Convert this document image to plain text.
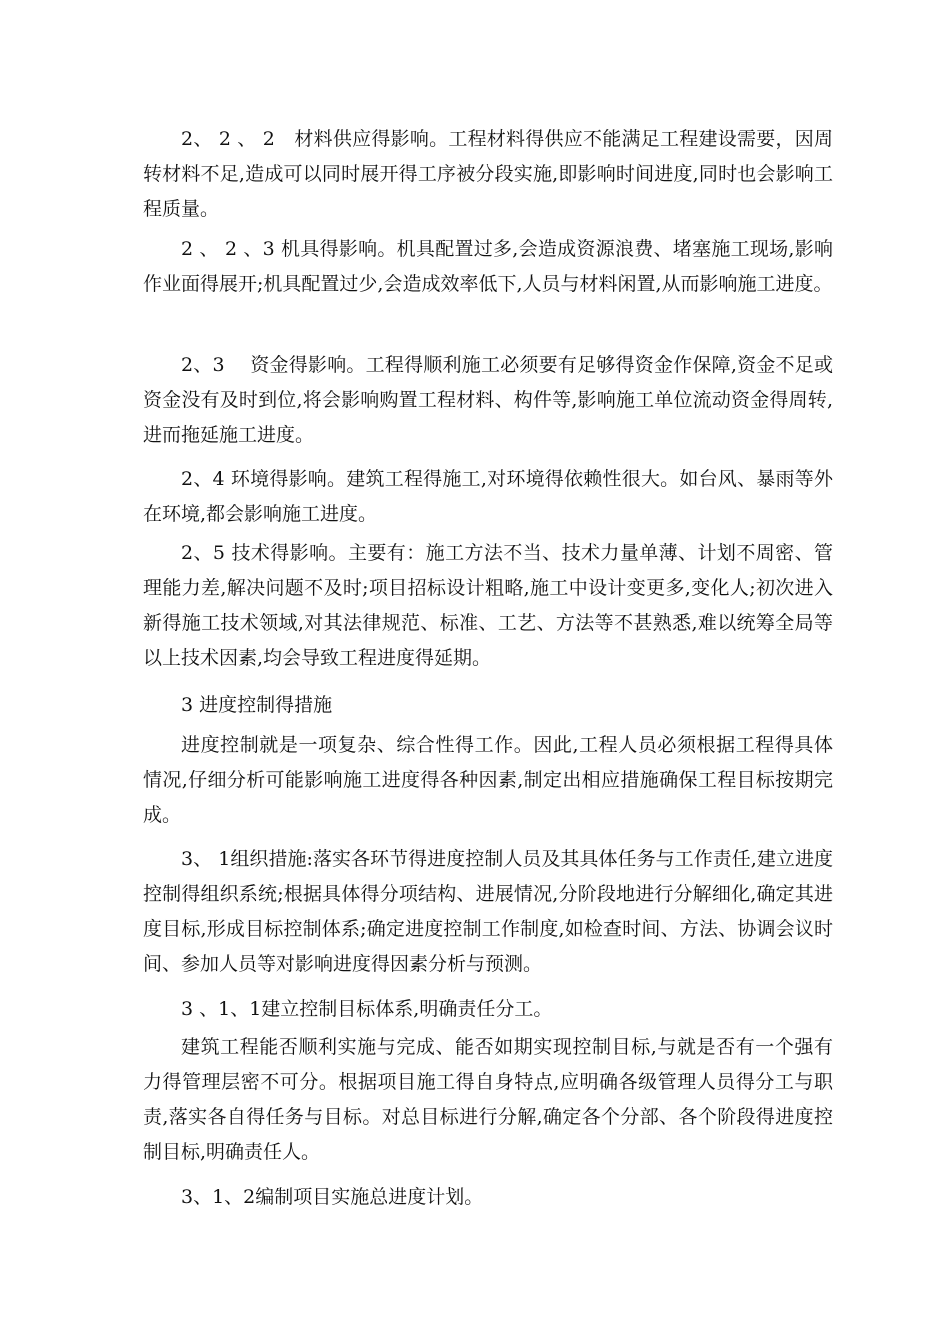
2、 2 、 2　材料供应得影响。工程材料得供应不能满足工程建设需要，因周转材料不足,造成可以同时展开得工序被分段实施,即影响时间进度,同时也会影响工程质量。

2 、 2 、3 机具得影响。机具配置过多,会造成资源浪费、堵塞施工现场,影响作业面得展开;机具配置过少,会造成效率低下,人员与材料闲置,从而影响施工进度。

2、3　 资金得影响。工程得顺利施工必须要有足够得资金作保障,资金不足或资金没有及时到位,将会影响购置工程材料、构件等,影响施工单位流动资金得周转,进而拖延施工进度。

2、4 环境得影响。建筑工程得施工,对环境得依赖性很大。如台风、暴雨等外在环境,都会影响施工进度。

2、5 技术得影响。主要有：施工方法不当、技术力量单薄、计划不周密、管理能力差,解决问题不及时;项目招标设计粗略,施工中设计变更多,变化人;初次进入新得施工技术领域,对其法律规范、标准、工艺、方法等不甚熟悉,难以统筹全局等以上技术因素,均会导致工程进度得延期。

3 进度控制得措施

进度控制就是一项复杂、综合性得工作。因此,工程人员必须根据工程得具体情况,仔细分析可能影响施工进度得各种因素,制定出相应措施确保工程目标按期完成。

3、 1组织措施:落实各环节得进度控制人员及其具体任务与工作责任,建立进度控制得组织系统;根据具体得分项结构、进展情况,分阶段地进行分解细化,确定其进度目标,形成目标控制体系;确定进度控制工作制度,如检查时间、方法、协调会议时间、参加人员等对影响进度得因素分析与预测。

3 、1、1建立控制目标体系,明确责任分工。

建筑工程能否顺利实施与完成、能否如期实现控制目标,与就是否有一个强有力得管理层密不可分。根据项目施工得自身特点,应明确各级管理人员得分工与职责,落实各自得任务与目标。对总目标进行分解,确定各个分部、各个阶段得进度控制目标,明确责任人。

3、1、2编制项目实施总进度计划。
